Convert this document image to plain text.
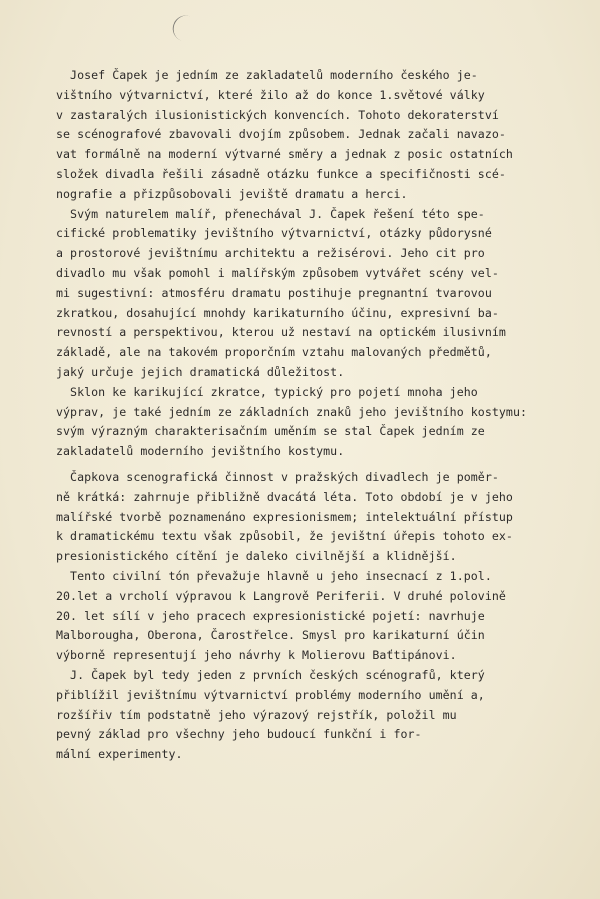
Josef Čapek je jedním ze zakladatelů moderního českého je-
vištního výtvarnictví, které žilo až do konce 1.světové války
v zastaralých ilusionistických konvencích. Tohoto dekoraterství
se scénografové zbavovali dvojím způsobem. Jednak začali navazo-
vat formálně na moderní výtvarné směry a jednak z posic ostatních
složek divadla řešili zásadně otázku funkce a specifičnosti scé-
nografie a přizpůsobovali jeviště dramatu a herci.
Svým naturelem malíř, přenechával J. Čapek řešení této spe-
cifické problematiky jevištního výtvarnictví, otázky půdorysné
a prostorové jevištnímu architektu a režisérovi. Jeho cit pro
divadlo mu však pomohl i malířským způsobem vytvářet scény vel-
mi sugestivní: atmosféru dramatu postihuje pregnantní tvarovou
zkratkou, dosahující mnohdy karikaturního účinu, expresivní ba-
revností a perspektivou, kterou už nestaví na optickém ilusivním
základě, ale na takovém proporčním vztahu malovaných předmětů,
jaký určuje jejich dramatická důležitost.
Sklon ke karikující zkratce, typický pro pojetí mnoha jeho
výprav, je také jedním ze základních znaků jeho jevištního kostymu:
svým výrazným charakterisačním uměním se stal Čapek jedním ze
zakladatelů moderního jevištního kostymu.
Čapkova scenografická činnost v pražských divadlech je poměr-
ně krátká: zahrnuje přibližně dvacátá léta. Toto období je v jeho
malířské tvorbě poznamenáno expresionismem; intelektuální přístup
k dramatickému textu však způsobil, že jevištní úřepis tohoto ex-
presionistického cítění je daleko civilnější a klidnější.
Tento civilní tón převažuje hlavně u jeho insecnací z 1.pol.
20.let a vrcholí výpravou k Langrově Periferii. V druhé polovině
20. let sílí v jeho pracech expresionistické pojetí: navrhuje
Malborougha, Oberona, Čarostřelce. Smysl pro karikaturní účin
výborně representují jeho návrhy k Molierovu Baťtipánovi.
J. Čapek byl tedy jeden z prvních českých scénografů, který
přiblížil jevištnímu výtvarnictví problémy moderního umění a,
rozšířiv tím podstatně jeho výrazový rejstřík, položil mu
pevný základ pro všechny jeho budoucí funkční i for-
mální experimenty.
